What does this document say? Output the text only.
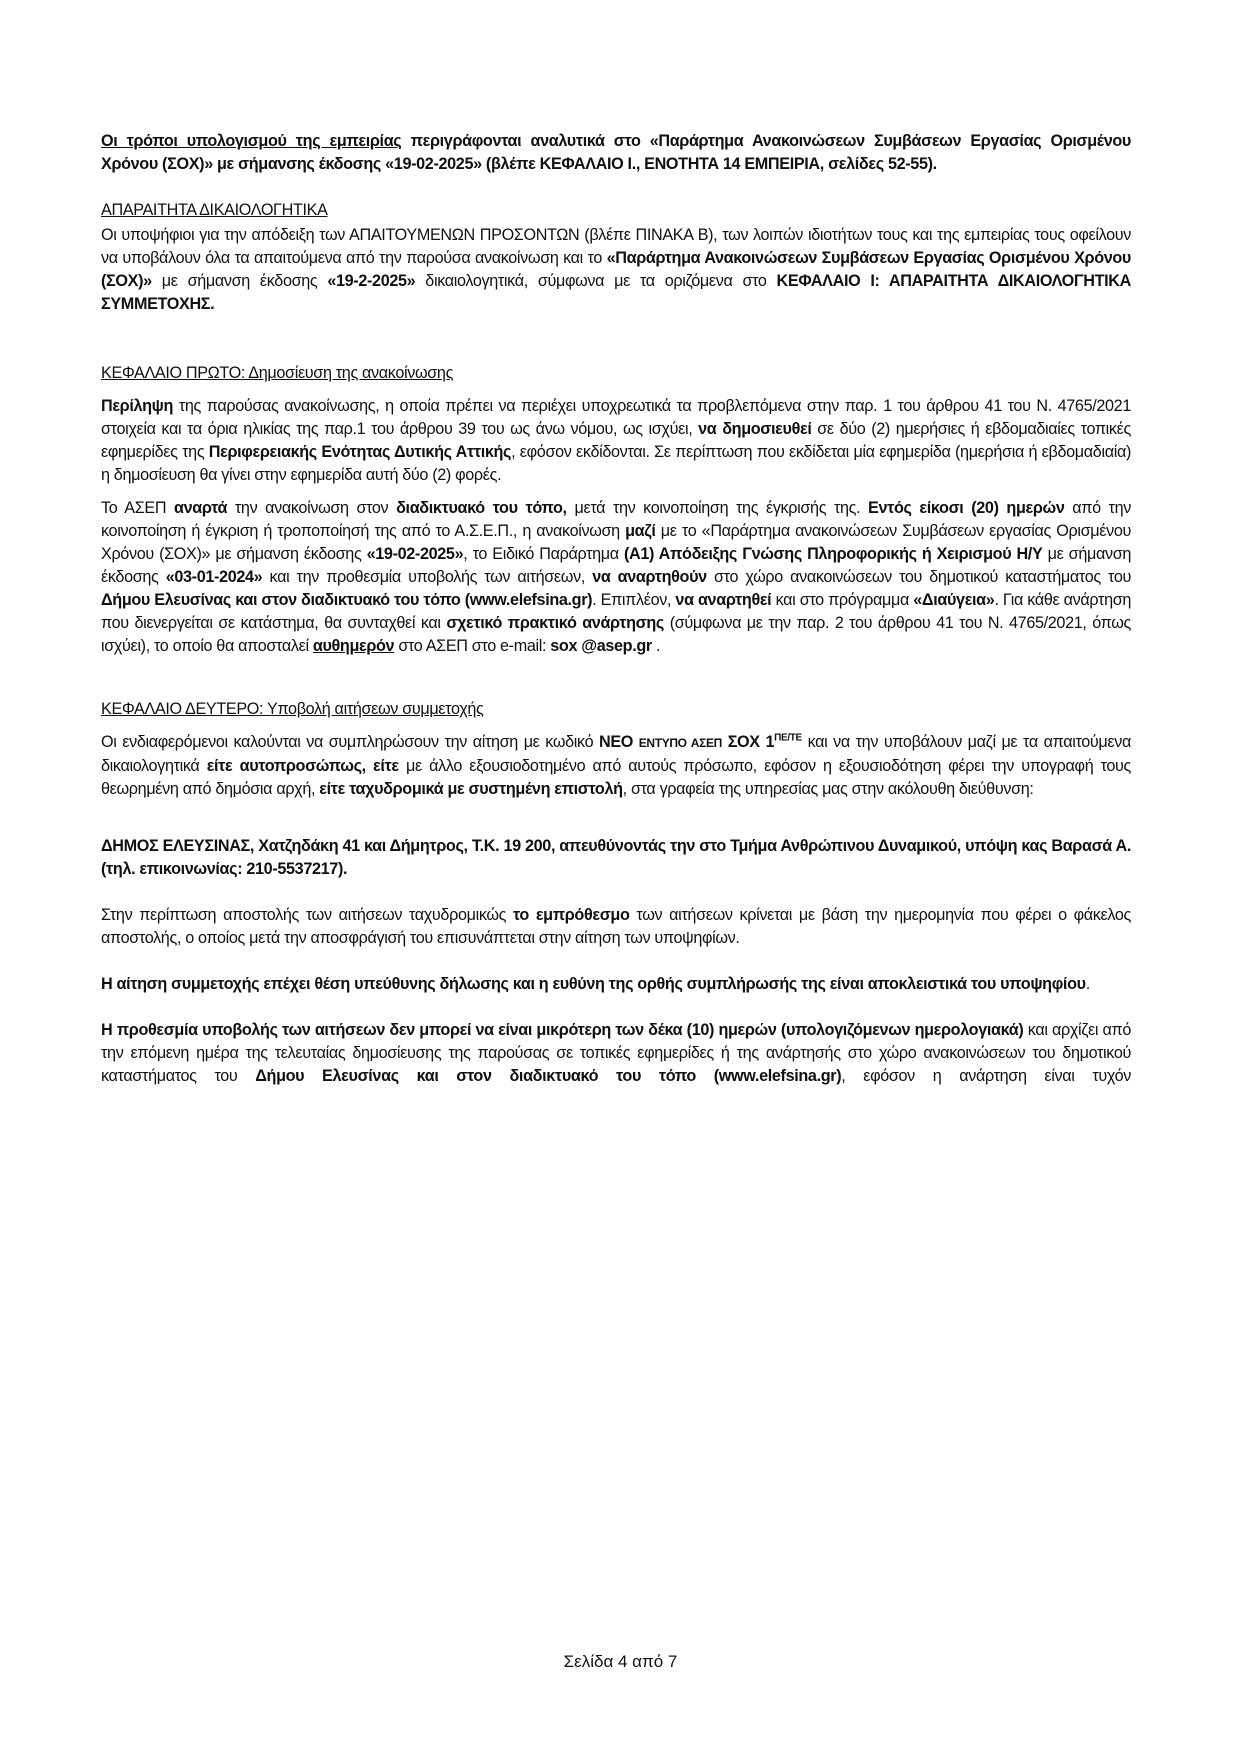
Οι τρόποι υπολογισμού της εμπειρίας περιγράφονται αναλυτικά στο «Παράρτημα Ανακοινώσεων Συμβάσεων Εργασίας Ορισμένου Χρόνου (ΣΟΧ)» με σήμανσης έκδοσης «19-02-2025» (βλέπε ΚΕΦΑΛΑΙΟ Ι., ΕΝΟΤΗΤΑ 14 ΕΜΠΕΙΡΙΑ, σελίδες 52-55).

ΑΠΑΡΑΙΤΗΤΑ ΔΙΚΑΙΟΛΟΓΗΤΙΚΑ

Οι υποψήφιοι για την απόδειξη των ΑΠΑΙΤΟΥΜΕΝΩΝ ΠΡΟΣΟΝΤΩΝ (βλέπε ΠΙΝΑΚΑ Β), των λοιπών ιδιοτήτων τους και της εμπειρίας τους οφείλουν να υποβάλουν όλα τα απαιτούμενα από την παρούσα ανακοίνωση και το «Παράρτημα Ανακοινώσεων Συμβάσεων Εργασίας Ορισμένου Χρόνου (ΣΟΧ)» με σήμανση έκδοσης «19-2-2025» δικαιολογητικά, σύμφωνα με τα οριζόμενα στο ΚΕΦΑΛΑΙΟ Ι: ΑΠΑΡΑΙΤΗΤΑ ΔΙΚΑΙΟΛΟΓΗΤΙΚΑ ΣΥΜΜΕΤΟΧΗΣ.

ΚΕΦΑΛΑΙΟ ΠΡΩΤΟ: Δημοσίευση της ανακοίνωσης

Περίληψη της παρούσας ανακοίνωσης, η οποία πρέπει να περιέχει υποχρεωτικά τα προβλεπόμενα στην παρ. 1 του άρθρου 41 του Ν. 4765/2021 στοιχεία και τα όρια ηλικίας της παρ.1 του άρθρου 39 του ως άνω νόμου, ως ισχύει, να δημοσιευθεί σε δύο (2) ημερήσιες ή εβδομαδιαίες τοπικές εφημερίδες της Περιφερειακής Ενότητας Δυτικής Αττικής, εφόσον εκδίδονται. Σε περίπτωση που εκδίδεται μία εφημερίδα (ημερήσια ή εβδομαδιαία) η δημοσίευση θα γίνει στην εφημερίδα αυτή δύο (2) φορές.

Το ΑΣΕΠ αναρτά την ανακοίνωση στον διαδικτυακό του τόπο, μετά την κοινοποίηση της έγκρισής της. Εντός είκοσι (20) ημερών από την κοινοποίηση ή έγκριση ή τροποποίησή της από το Α.Σ.Ε.Π., η ανακοίνωση μαζί με το «Παράρτημα ανακοινώσεων Συμβάσεων εργασίας Ορισμένου Χρόνου (ΣΟΧ)» με σήμανση έκδοσης «19-02-2025», το Ειδικό Παράρτημα (Α1) Απόδειξης Γνώσης Πληροφορικής ή Χειρισμού Η/Υ με σήμανση έκδοσης «03-01-2024» και την προθεσμία υποβολής των αιτήσεων, να αναρτηθούν στο χώρο ανακοινώσεων του δημοτικού καταστήματος του Δήμου Ελευσίνας και στον διαδικτυακό του τόπο (www.elefsina.gr). Επιπλέον, να αναρτηθεί και στο πρόγραμμα «Διαύγεια». Για κάθε ανάρτηση που διενεργείται σε κατάστημα, θα συνταχθεί και σχετικό πρακτικό ανάρτησης (σύμφωνα με την παρ. 2 του άρθρου 41 του Ν. 4765/2021, όπως ισχύει), το οποίο θα αποσταλεί αυθημερόν στο ΑΣΕΠ στο e-mail: sox @asep.gr .

ΚΕΦΑΛΑΙΟ ΔΕΥΤΕΡΟ: Υποβολή αιτήσεων συμμετοχής

Οι ενδιαφερόμενοι καλούνται να συμπληρώσουν την αίτηση με κωδικό ΝΕΟ ΕΝΤΥΠΟ ΑΣΕΠ ΣΟΧ $1^{\Pi E/TE}$ και να την υποβάλουν μαζί με τα απαιτούμενα δικαιολογητικά είτε αυτοπροσώπως, είτε με άλλο εξουσιοδοτημένο από αυτούς πρόσωπο, εφόσον η εξουσιοδότηση φέρει την υπογραφή τους θεωρημένη από δημόσια αρχή, είτε ταχυδρομικά με συστημένη επιστολή, στα γραφεία της υπηρεσίας μας στην ακόλουθη διεύθυνση:

ΔΗΜΟΣ ΕΛΕΥΣΙΝΑΣ, Χατζηδάκη 41 και Δήμητρος, Τ.Κ. 19 200, απευθύνοντάς την στο Τμήμα Ανθρώπινου Δυναμικού, υπόψη κας Βαρασά Α. (τηλ. επικοινωνίας: 210-5537217).

Στην περίπτωση αποστολής των αιτήσεων ταχυδρομικώς το εμπρόθεσμο των αιτήσεων κρίνεται με βάση την ημερομηνία που φέρει ο φάκελος αποστολής, ο οποίος μετά την αποσφράγισή του επισυνάπτεται στην αίτηση των υποψηφίων.

Η αίτηση συμμετοχής επέχει θέση υπεύθυνης δήλωσης και η ευθύνη της ορθής συμπλήρωσής της είναι αποκλειστικά του υποψηφίου.

Η προθεσμία υποβολής των αιτήσεων δεν μπορεί να είναι μικρότερη των δέκα (10) ημερών (υπολογιζόμενων ημερολογιακά) και αρχίζει από την επόμενη ημέρα της τελευταίας δημοσίευσης της παρούσας σε τοπικές εφημερίδες ή της ανάρτησής στο χώρο ανακοινώσεων του δημοτικού καταστήματος του Δήμου Ελευσίνας και στον διαδικτυακό του τόπο (www.elefsina.gr), εφόσον η ανάρτηση είναι τυχόν

Σελίδα 4 από 7
